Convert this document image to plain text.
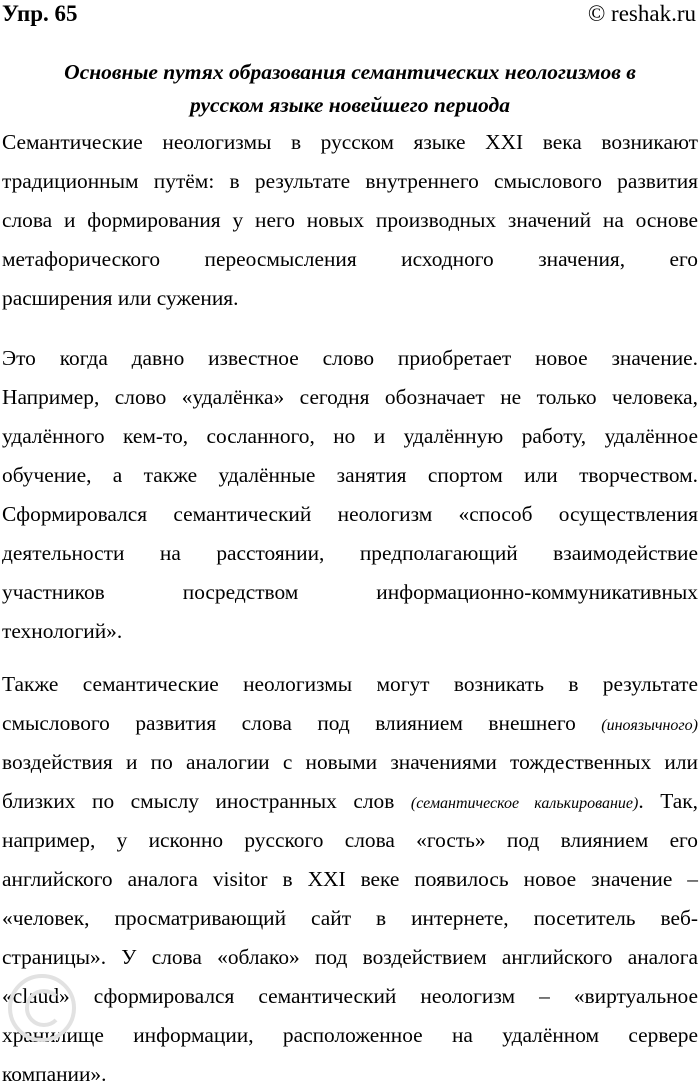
Упр. 65	© reshak.ru
Основные путях образования семантических неологизмов в
русском языке новейшего периода
Семантические неологизмы в русском языке XXI века возникают
традиционным путём: в результате внутреннего смыслового развития
слова и формирования у него новых производных значений на основе
метафорического переосмысления исходного значения, его
расширения или сужения.
Это когда давно известное слово приобретает новое значение.
Например, слово «удалёнка» сегодня обозначает не только человека,
удалённого кем-то, сосланного, но и удалённую работу, удалённое
обучение, а также удалённые занятия спортом или творчеством.
Сформировался семантический неологизм «способ осуществления
деятельности на расстоянии, предполагающий взаимодействие
участников посредством информационно-коммуникативных
технологий».
Также семантические неологизмы могут возникать в результате
смыслового развития слова под влиянием внешнего (иноязычного)
воздействия и по аналогии с новыми значениями тождественных или
близких по смыслу иностранных слов (семантическое калькирование). Так,
например, у исконно русского слова «гость» под влиянием его
английского аналога visitor в XXI веке появилось новое значение –
«человек, просматривающий сайт в интернете, посетитель веб-
страницы». У слова «облако» под воздействием английского аналога
«claud» сформировался семантический неологизм – «виртуальное
хранилище информации, расположенное на удалённом сервере
компании».
